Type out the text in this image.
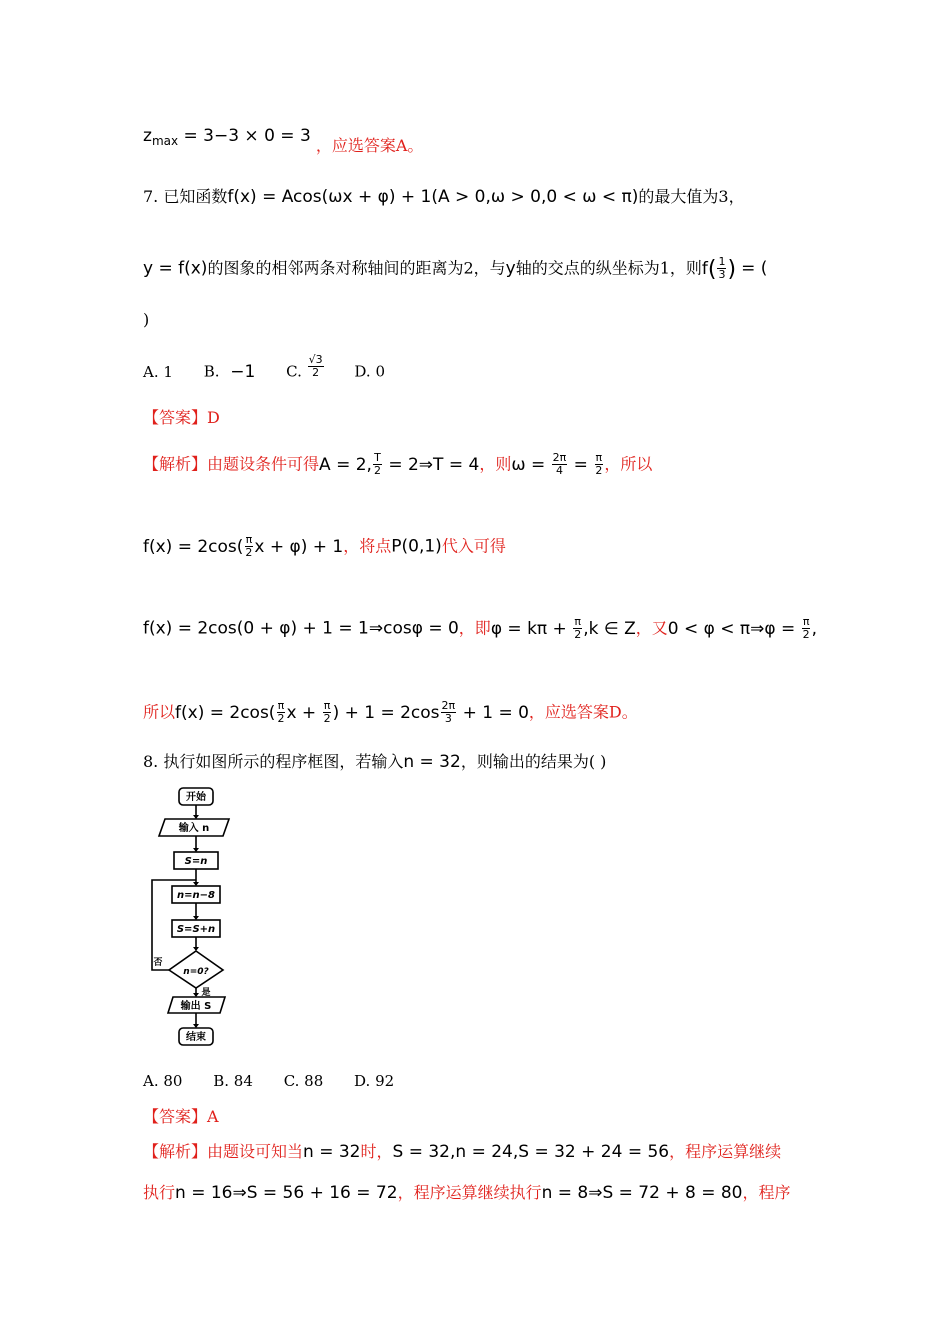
$z_{max} = 3-3 \times 0 = 3$ ，应选答案A。
7. 已知函数f(x) = Acos(ωx + φ) + 1(A > 0,ω > 0,0 < ω < π)的最大值为3，
y = f(x)的图象的相邻两条对称轴间的距离为2，与y轴的交点的纵坐标为1，则$f( \frac{1}{3}$ ) = (
)
A. 1 B. −1 C. $\frac{√3}{2} D$. 0
【答案】D
【解析】由题设条件可得A = 2, $\frac{T}{2}$ = 2⇒T = 4，则$\omega = \frac{2\pi}{4} = \frac{\pi}{2}$ ，所以
$f(x) = 2\cos( \frac{\pi}{2}$ x + φ) + 1，将点P(0,1)代入可得
f(x) = 2cos(0 + φ) + 1 = 1⇒cosφ = 0，即$\varphi = k\pi + \frac{\pi}{2} ,k$ ∈ Z，又0 < φ < π⇒φ = $\frac{\pi}{2}$ ,
所以$f(x) = 2\cos( \frac{\pi}{2}$ $x + \frac{\pi}{2}$ ) + $1 = 2\cos \frac{2\pi}{3} + 1 = 0$，应选答案D。
8. 执行如图所示的程序框图，若输入n = 32，则输出的结果为( )
开始
输入 n
S=n
n=n−8
S=S+n
n=0?
否
是
输出 S
结束
A. 80 B. 84 C. 88 D. 92
【答案】A
【解析】由题设可知当n = 32时，S = 32,n = 24,S = 32 + 24 = 56，程序运算继续
执行n = 16⇒S = 56 + 16 = 72，程序运算继续执行n = 8⇒S = 72 + 8 = 80，程序
